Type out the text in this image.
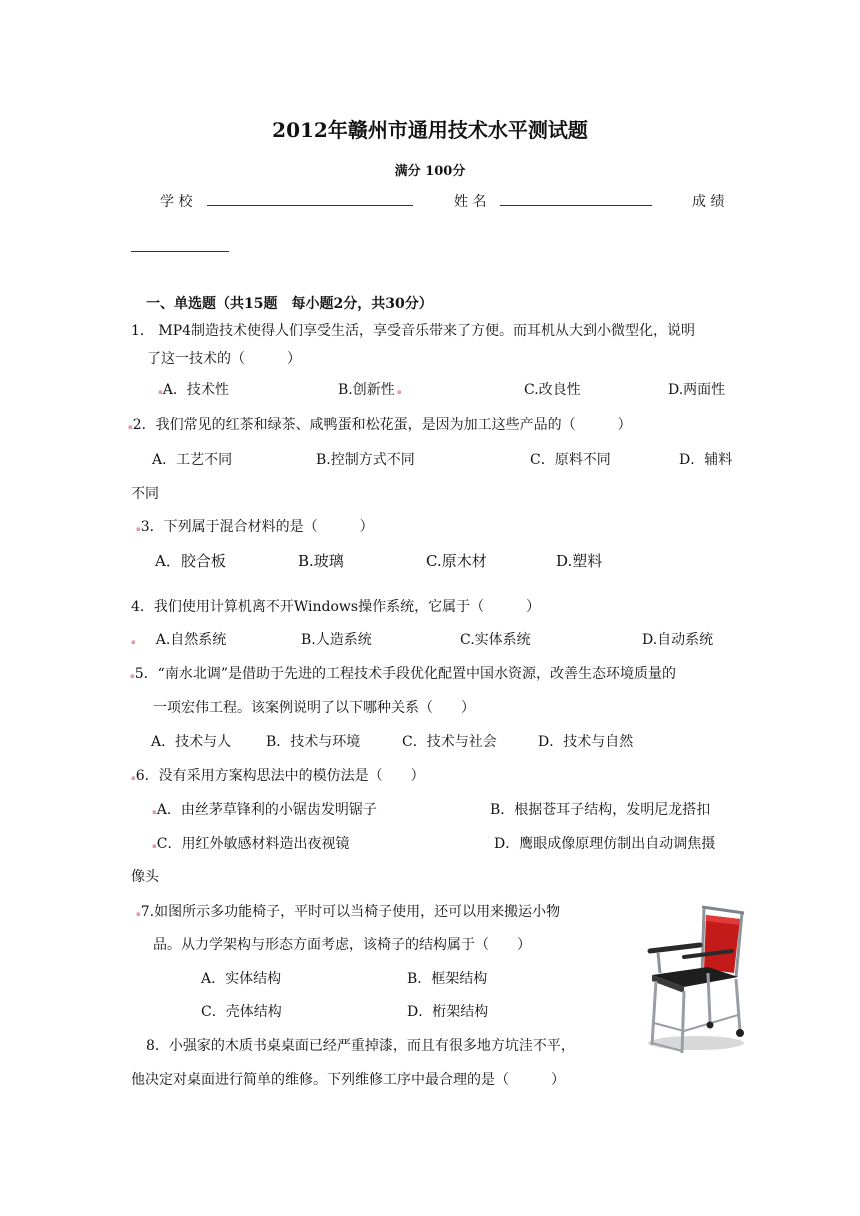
2012年赣州市通用技术水平测试题
满分 100分
学 校	姓 名	成 绩
一、单选题（共15题　每小题2分，共30分）
1． MP4制造技术使得人们享受生活，享受音乐带来了方便。而耳机从大到小微型化，说明
了这一技术的（　　　）
▪A．技术性	B.创新性 ▪	C.改良性	D.两面性
▪2．我们常见的红茶和绿茶、咸鸭蛋和松花蛋，是因为加工这些产品的（　　　）
A．工艺不同	B.控制方式不同	C．原料不同	D．辅料
不同
▪3．下列属于混合材料的是（　　　）
A．胶合板	B.玻璃	C.原木材	D.塑料
4．我们使用计算机离不开Windows操作系统，它属于（　　　）
▪ A.自然系统	B.人造系统	C.实体系统	D.自动系统
▪5．“南水北调”是借助于先进的工程技术手段优化配置中国水资源，改善生态环境质量的
一项宏伟工程。该案例说明了以下哪种关系（　　）
A．技术与人 B．技术与环境	C．技术与社会	D．技术与自然
▪6．没有采用方案构思法中的模仿法是（　　）
▪A．由丝茅草锋利的小锯齿发明锯子	B．根据苍耳子结构，发明尼龙搭扣
▪C．用红外敏感材料造出夜视镜	D．鹰眼成像原理仿制出自动调焦摄
像头
▪7.如图所示多功能椅子，平时可以当椅子使用，还可以用来搬运小物
品。从力学架构与形态方面考虑，该椅子的结构属于（　　）
A．实体结构	B．框架结构
C．壳体结构	D．桁架结构
8．小强家的木质书桌桌面已经严重掉漆，而且有很多地方坑洼不平，
他决定对桌面进行简单的维修。下列维修工序中最合理的是（　　　）
